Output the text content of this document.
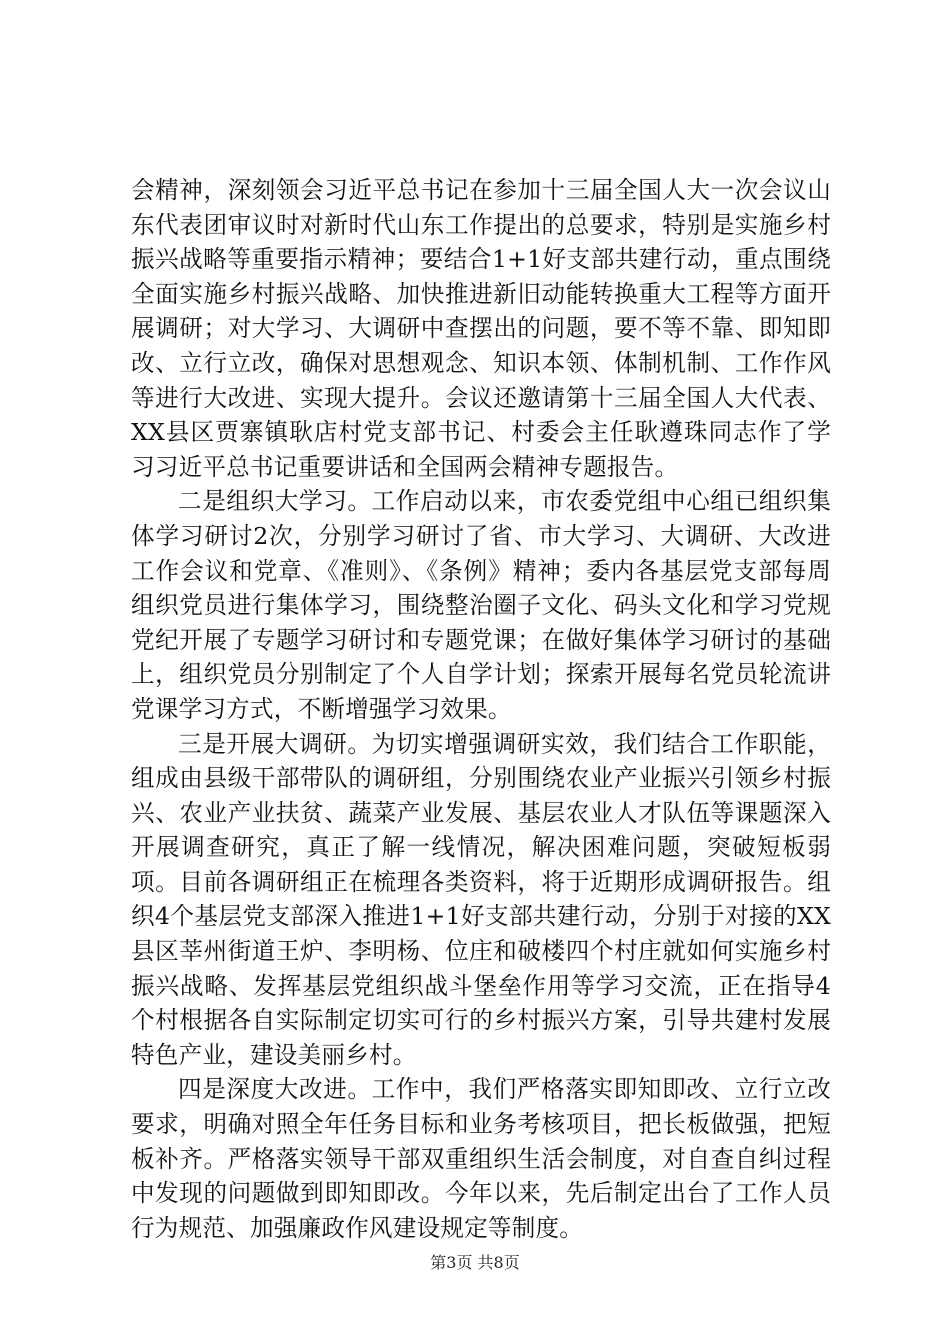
会精神，深刻领会习近平总书记在参加十三届全国人大一次会议山东代表团审议时对新时代山东工作提出的总要求，特别是实施乡村振兴战略等重要指示精神；要结合1+1好支部共建行动，重点围绕全面实施乡村振兴战略、加快推进新旧动能转换重大工程等方面开展调研；对大学习、大调研中查摆出的问题，要不等不靠、即知即改、立行立改，确保对思想观念、知识本领、体制机制、工作作风等进行大改进、实现大提升。会议还邀请第十三届全国人大代表、XX县区贾寨镇耿店村党支部书记、村委会主任耿遵珠同志作了学习习近平总书记重要讲话和全国两会精神专题报告。

二是组织大学习。工作启动以来，市农委党组中心组已组织集体学习研讨2次，分别学习研讨了省、市大学习、大调研、大改进工作会议和党章、《准则》、《条例》精神；委内各基层党支部每周组织党员进行集体学习，围绕整治圈子文化、码头文化和学习党规党纪开展了专题学习研讨和专题党课；在做好集体学习研讨的基础上，组织党员分别制定了个人自学计划；探索开展每名党员轮流讲党课学习方式，不断增强学习效果。

三是开展大调研。为切实增强调研实效，我们结合工作职能，组成由县级干部带队的调研组，分别围绕农业产业振兴引领乡村振兴、农业产业扶贫、蔬菜产业发展、基层农业人才队伍等课题深入开展调查研究，真正了解一线情况，解决困难问题，突破短板弱项。目前各调研组正在梳理各类资料，将于近期形成调研报告。组织4个基层党支部深入推进1+1好支部共建行动，分别于对接的XX县区莘州街道王炉、李明杨、位庄和破楼四个村庄就如何实施乡村振兴战略、发挥基层党组织战斗堡垒作用等学习交流，正在指导4个村根据各自实际制定切实可行的乡村振兴方案，引导共建村发展特色产业，建设美丽乡村。

四是深度大改进。工作中，我们严格落实即知即改、立行立改要求，明确对照全年任务目标和业务考核项目，把长板做强，把短板补齐。严格落实领导干部双重组织生活会制度，对自查自纠过程中发现的问题做到即知即改。今年以来，先后制定出台了工作人员行为规范、加强廉政作风建设规定等制度。

第3页 共8页
